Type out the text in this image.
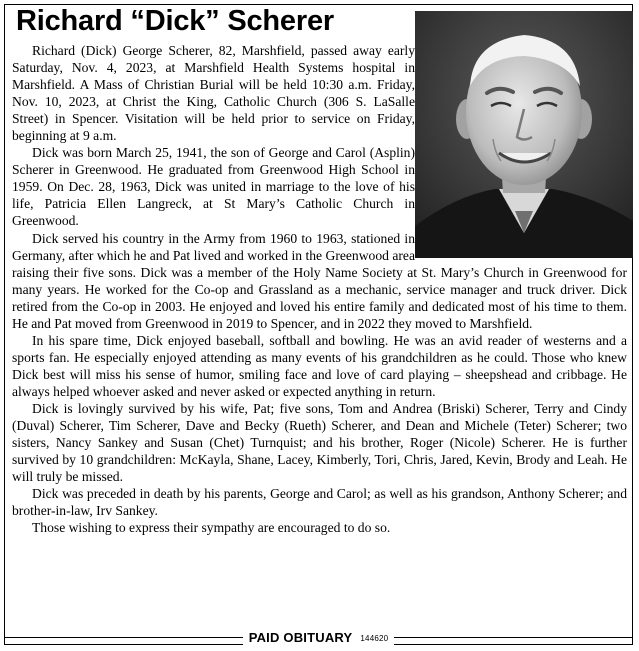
Richard “Dick” Scherer

Richard (Dick) George Scherer, 82, Marshfield, passed away early Saturday, Nov. 4, 2023, at Marshfield Health Systems hospital in Marshfield. A Mass of Christian Burial will be held 10:30 a.m. Friday, Nov. 10, 2023, at Christ the King, Catholic Church (306 S. LaSalle Street) in Spencer. Visitation will be held prior to service on Friday, beginning at 9 a.m.

Dick was born March 25, 1941, the son of George and Carol (Asplin) Scherer in Greenwood. He graduated from Greenwood High School in 1959. On Dec. 28, 1963, Dick was united in marriage to the love of his life, Patricia Ellen Langreck, at St Mary’s Catholic Church in Greenwood.

Dick served his country in the Army from 1960 to 1963, stationed in Germany, after which he and Pat lived and worked in the Greenwood area raising their five sons. Dick was a member of the Holy Name Society at St. Mary’s Church in Greenwood for many years. He worked for the Co-op and Grassland as a mechanic, service manager and truck driver. Dick retired from the Co-op in 2003. He enjoyed and loved his entire family and dedicated most of his time to them. He and Pat moved from Greenwood in 2019 to Spencer, and in 2022 they moved to Marshfield.

In his spare time, Dick enjoyed baseball, softball and bowling. He was an avid reader of westerns and a sports fan. He especially enjoyed attending as many events of his grandchildren as he could. Those who knew Dick best will miss his sense of humor, smiling face and love of card playing – sheepshead and cribbage. He always helped whoever asked and never asked or expected anything in return.

Dick is lovingly survived by his wife, Pat; five sons, Tom and Andrea (Briski) Scherer, Terry and Cindy (Duval) Scherer, Tim Scherer, Dave and Becky (Rueth) Scherer, and Dean and Michele (Teter) Scherer; two sisters, Nancy Sankey and Susan (Chet) Turnquist; and his brother, Roger (Nicole) Scherer. He is further survived by 10 grandchildren: McKayla, Shane, Lacey, Kimberly, Tori, Chris, Jared, Kevin, Brody and Leah. He will truly be missed.

Dick was preceded in death by his parents, George and Carol; as well as his grandson, Anthony Scherer; and brother-in-law, Irv Sankey.

Those wishing to express their sympathy are encouraged to do so.

PAID OBITUARY 144620
